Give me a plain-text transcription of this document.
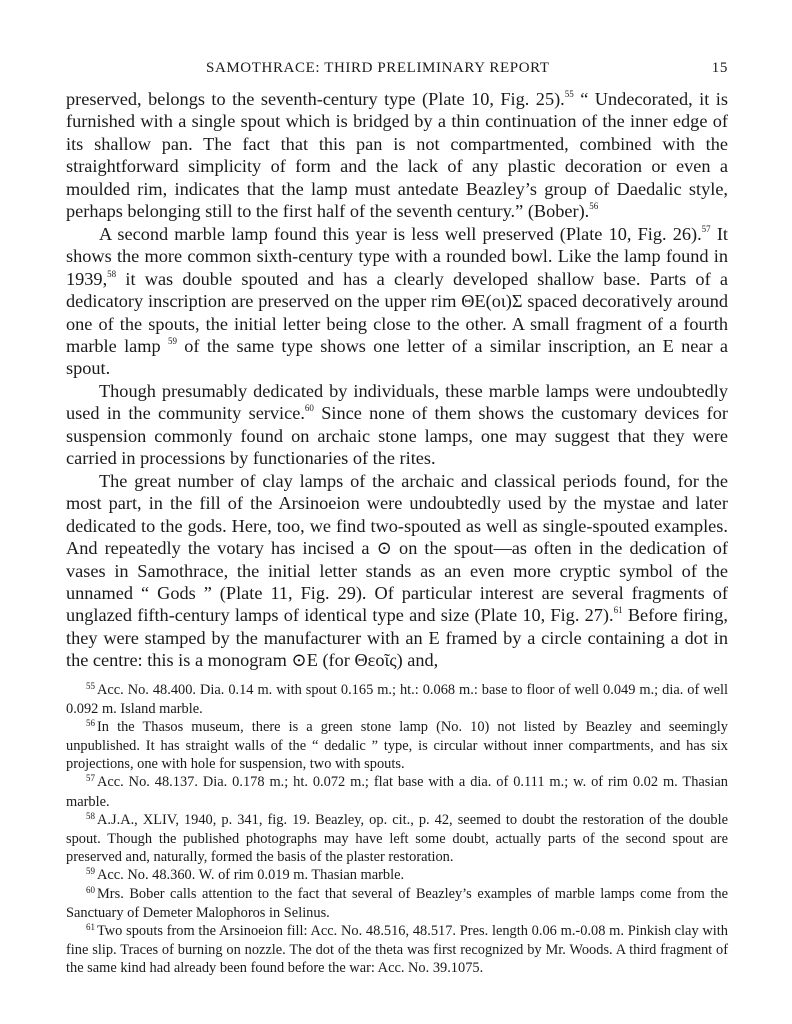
SAMOTHRACE: THIRD PRELIMINARY REPORT	15

preserved, belongs to the seventh-century type (Plate 10, Fig. 25).$^{55}$ “ Undecorated, it is furnished with a single spout which is bridged by a thin continuation of the inner edge of its shallow pan. The fact that this pan is not compartmented, combined with the straightforward simplicity of form and the lack of any plastic decoration or even a moulded rim, indicates that the lamp must antedate Beazley’s group of Daedalic style, perhaps belonging still to the first half of the seventh century.” (Bober).$^{56}$

A second marble lamp found this year is less well preserved (Plate 10, Fig. 26).$^{57}$ It shows the more common sixth-century type with a rounded bowl. Like the lamp found in 1939,58 it was double spouted and has a clearly developed shallow base. Parts of a dedicatory inscription are preserved on the upper rim ΘE(οι)Σ spaced decoratively around one of the spouts, the initial letter being close to the other. A small fragment of a fourth marble lamp $^{59}$ of the same type shows one letter of a similar inscription, an E near a spout.

Though presumably dedicated by individuals, these marble lamps were undoubtedly used in the community service.$^{60}$ Since none of them shows the customary devices for suspension commonly found on archaic stone lamps, one may suggest that they were carried in processions by functionaries of the rites.

The great number of clay lamps of the archaic and classical periods found, for the most part, in the fill of the Arsinoeion were undoubtedly used by the mystae and later dedicated to the gods. Here, too, we find two-spouted as well as single-spouted examples. And repeatedly the votary has incised a ⊙ on the spout—as often in the dedication of vases in Samothrace, the initial letter stands as an even more cryptic symbol of the unnamed “ Gods ” (Plate 11, Fig. 29). Of particular interest are several fragments of unglazed fifth-century lamps of identical type and size (Plate 10, Fig. 27).$^{61}$ Before firing, they were stamped by the manufacturer with an E framed by a circle containing a dot in the centre: this is a monogram ⊙E (for Θεοῖς) and,

$^{55}$ Acc. No. 48.400. Dia. 0.14 m. with spout 0.165 m.; ht.: 0.068 m.: base to floor of well 0.049 m.; dia. of well 0.092 m. Island marble.

$^{56}$ In the Thasos museum, there is a green stone lamp (No. 10) not listed by Beazley and seemingly unpublished. It has straight walls of the “ dedalic ” type, is circular without inner compartments, and has six projections, one with hole for suspension, two with spouts.

$^{57}$ Acc. No. 48.137. Dia. 0.178 m.; ht. 0.072 m.; flat base with a dia. of 0.111 m.; w. of rim 0.02 m. Thasian marble.

$^{58}$ A.J.A., XLIV, 1940, p. 341, fig. 19. Beazley, op. cit., p. 42, seemed to doubt the restoration of the double spout. Though the published photographs may have left some doubt, actually parts of the second spout are preserved and, naturally, formed the basis of the plaster restoration.

$^{59}$ Acc. No. 48.360. W. of rim 0.019 m. Thasian marble.

$^{60}$ Mrs. Bober calls attention to the fact that several of Beazley’s examples of marble lamps come from the Sanctuary of Demeter Malophoros in Selinus.

$^{61}$ Two spouts from the Arsinoeion fill: Acc. No. 48.516, 48.517. Pres. length 0.06 m.-0.08 m. Pinkish clay with fine slip. Traces of burning on nozzle. The dot of the theta was first recognized by Mr. Woods. A third fragment of the same kind had already been found before the war: Acc. No. 39.1075.
